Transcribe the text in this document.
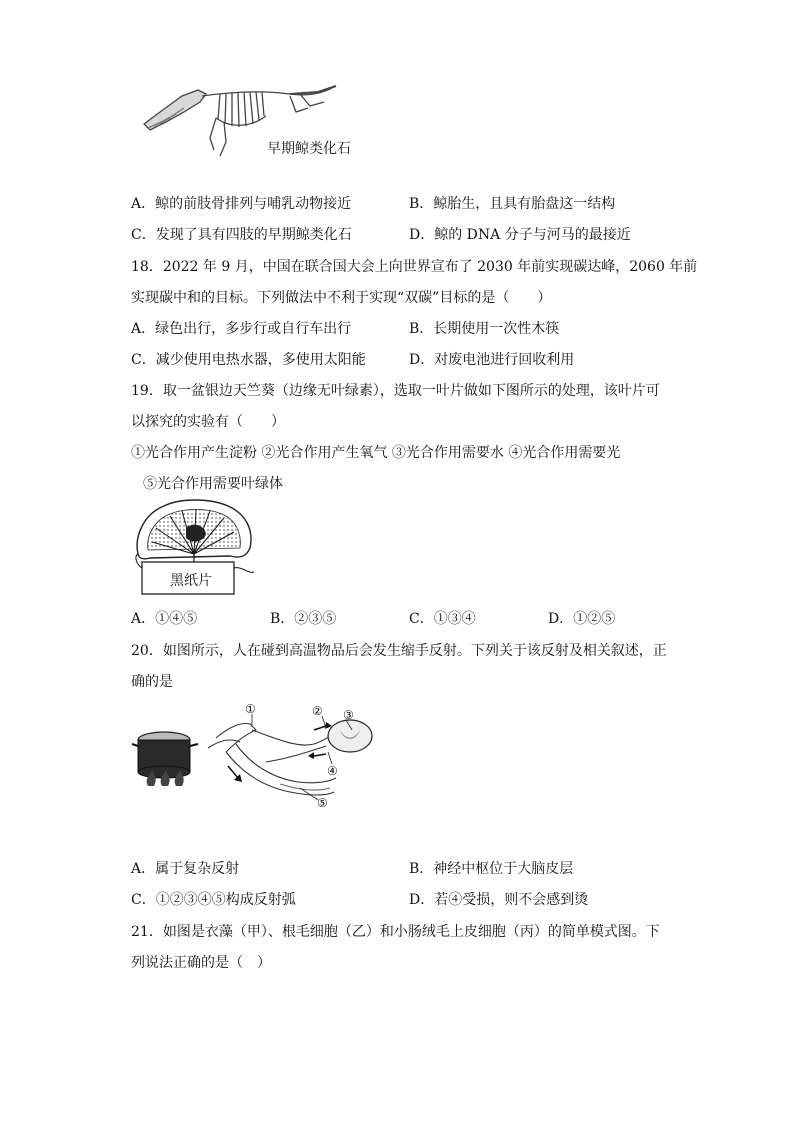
早期鲸类化石
A．鲸的前肢骨排列与哺乳动物接近	B．鲸胎生，且具有胎盘这一结构
C．发现了具有四肢的早期鲸类化石	D．鲸的 DNA 分子与河马的最接近
18．2022 年 9 月，中国在联合国大会上向世界宣布了 2030 年前实现碳达峰，2060 年前
实现碳中和的目标。下列做法中不利于实现“双碳”目标的是（　　）
A．绿色出行，多步行或自行车出行	B．长期使用一次性木筷
C．减少使用电热水器，多使用太阳能	D．对废电池进行回收利用
19．取一盆银边天竺葵（边缘无叶绿素），选取一叶片做如下图所示的处理，该叶片可
以探究的实验有（　　）
①光合作用产生淀粉 ②光合作用产生氧气 ③光合作用需要水 ④光合作用需要光
⑤光合作用需要叶绿体
黑纸片
A．①④⑤	B．②③⑤	C．①③④	D．①②⑤
20．如图所示，人在碰到高温物品后会发生缩手反射。下列关于该反射及相关叙述，正
确的是
①	② ③
④
⑤
A．属于复杂反射	B．神经中枢位于大脑皮层
C．①②③④⑤构成反射弧	D．若④受损，则不会感到烫
21．如图是衣藻（甲）、根毛细胞（乙）和小肠绒毛上皮细胞（丙）的简单模式图。下
列说法正确的是（　）
